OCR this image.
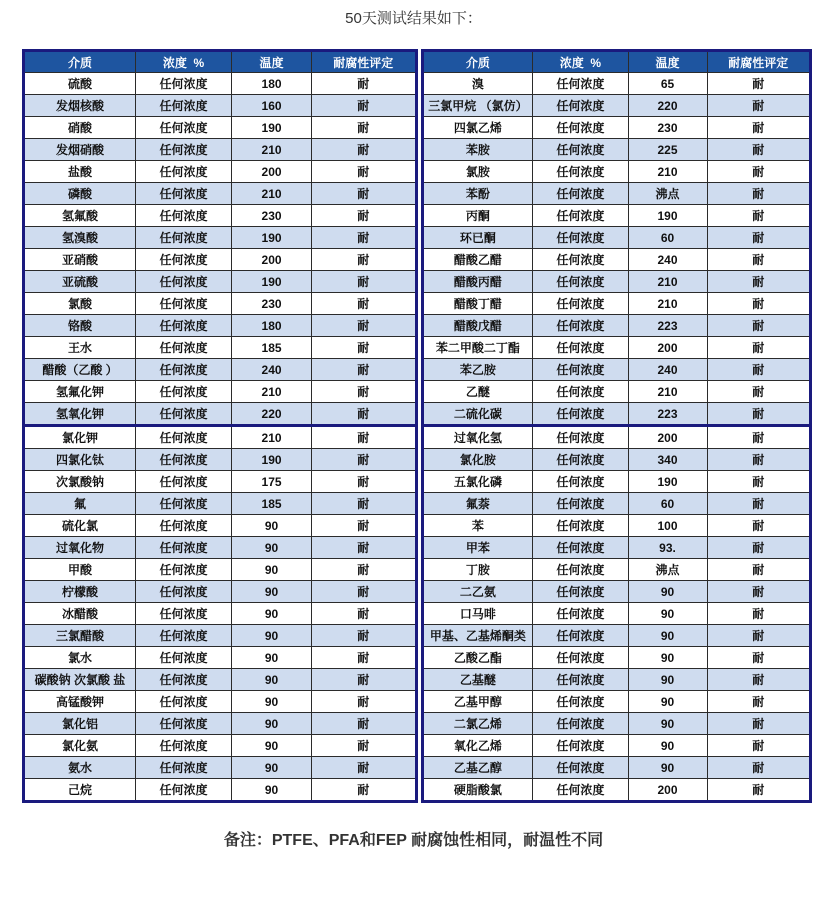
50天测试结果如下：
介质	浓度  %	温度	耐腐性评定
硫酸	任何浓度	180	耐
发烟核酸	任何浓度	160	耐
硝酸	任何浓度	190	耐
发烟硝酸	任何浓度	210	耐
盐酸	任何浓度	200	耐
磷酸	任何浓度	210	耐
氢氟酸	任何浓度	230	耐
氢溴酸	任何浓度	190	耐
亚硝酸	任何浓度	200	耐
亚硫酸	任何浓度	190	耐
氯酸	任何浓度	230	耐
铬酸	任何浓度	180	耐
王水	任何浓度	185	耐
醋酸（乙酸 ）	任何浓度	240	耐
氢氟化钾	任何浓度	210	耐
氢氧化钾	任何浓度	220	耐
氯化钾	任何浓度	210	耐
四氯化钛	任何浓度	190	耐
次氯酸钠	任何浓度	175	耐
氟	任何浓度	185	耐
硫化氯	任何浓度	90	耐
过氧化物	任何浓度	90	耐
甲酸	任何浓度	90	耐
柠檬酸	任何浓度	90	耐
冰醋酸	任何浓度	90	耐
三氯醋酸	任何浓度	90	耐
氯水	任何浓度	90	耐
碳酸钠 次氯酸 盐	任何浓度	90	耐
高锰酸钾	任何浓度	90	耐
氯化铝	任何浓度	90	耐
氯化氨	任何浓度	90	耐
氨水	任何浓度	90	耐
己烷	任何浓度	90	耐
介质	浓度  %	温度	耐腐性评定
溴	任何浓度	65	耐
三氯甲烷 （氯仿）	任何浓度	220	耐
四氯乙烯	任何浓度	230	耐
苯胺	任何浓度	225	耐
氯胺	任何浓度	210	耐
苯酚	任何浓度	沸点	耐
丙酮	任何浓度	190	耐
环已酮	任何浓度	60	耐
醋酸乙醋	任何浓度	240	耐
醋酸丙醋	任何浓度	210	耐
醋酸丁醋	任何浓度	210	耐
醋酸戊醋	任何浓度	223	耐
苯二甲酸二丁酯	任何浓度	200	耐
苯乙胺	任何浓度	240	耐
乙醚	任何浓度	210	耐
二硫化碳	任何浓度	223	耐
过氧化氢	任何浓度	200	耐
氯化胺	任何浓度	340	耐
五氯化磷	任何浓度	190	耐
氟萘	任何浓度	60	耐
苯	任何浓度	100	耐
甲苯	任何浓度	93.	耐
丁胺	任何浓度	沸点	耐
二乙氨	任何浓度	90	耐
口马啡	任何浓度	90	耐
甲基、乙基烯酮类	任何浓度	90	耐
乙酸乙酯	任何浓度	90	耐
乙基醚	任何浓度	90	耐
乙基甲醇	任何浓度	90	耐
二氯乙烯	任何浓度	90	耐
氧化乙烯	任何浓度	90	耐
乙基乙醇	任何浓度	90	耐
硬脂酸氯	任何浓度	200	耐
备注：PTFE、PFA和FEP 耐腐蚀性相同，耐温性不同
